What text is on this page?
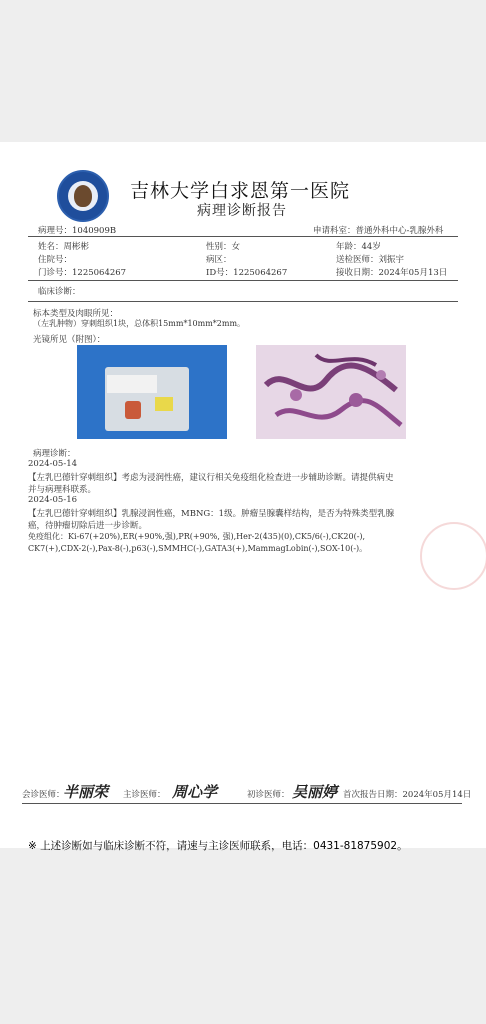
吉林大学白求恩第一医院
病理诊断报告
病理号：1040909B	申请科室：普通外科中心-乳腺外科
姓名：周彬彬	性别：女	年龄：44岁
住院号：	病区：	送检医师：刘振宇
门诊号：1225064267	ID号：1225064267	接收日期：2024年05月13日
临床诊断：
标本类型及肉眼所见：
（左乳肿物）穿刺组织1块，总体积15mm*10mm*2mm。
光镜所见（附图）：
病理诊断：
2024-05-14
【左乳巴德针穿刺组织】考虑为浸润性癌，建议行相关免疫组化检查进一步辅助诊断。请提供病史
并与病理科联系。
2024-05-16
【左乳巴德针穿刺组织】乳腺浸润性癌，MBNG：1级。肿瘤呈腺囊样结构，是否为特殊类型乳腺
癌，待肿瘤切除后进一步诊断。
免疫组化：Ki-67(+20%),ER(+90%,强),PR(+90%, 强),Her-2(435)(0),CK5/6(-),CK20(-),
CK7(+),CDX-2(-),Pax-8(-),p63(-),SMMHC(-),GATA3(+),MammagLobin(-),SOX-10(-)。
会诊医师：
半丽荣 主诊医师： 周心学	初诊医师： 吴丽婷 首次报告日期：2024年05月14日
※ 上述诊断如与临床诊断不符，请速与主诊医师联系，电话：0431-81875902。
